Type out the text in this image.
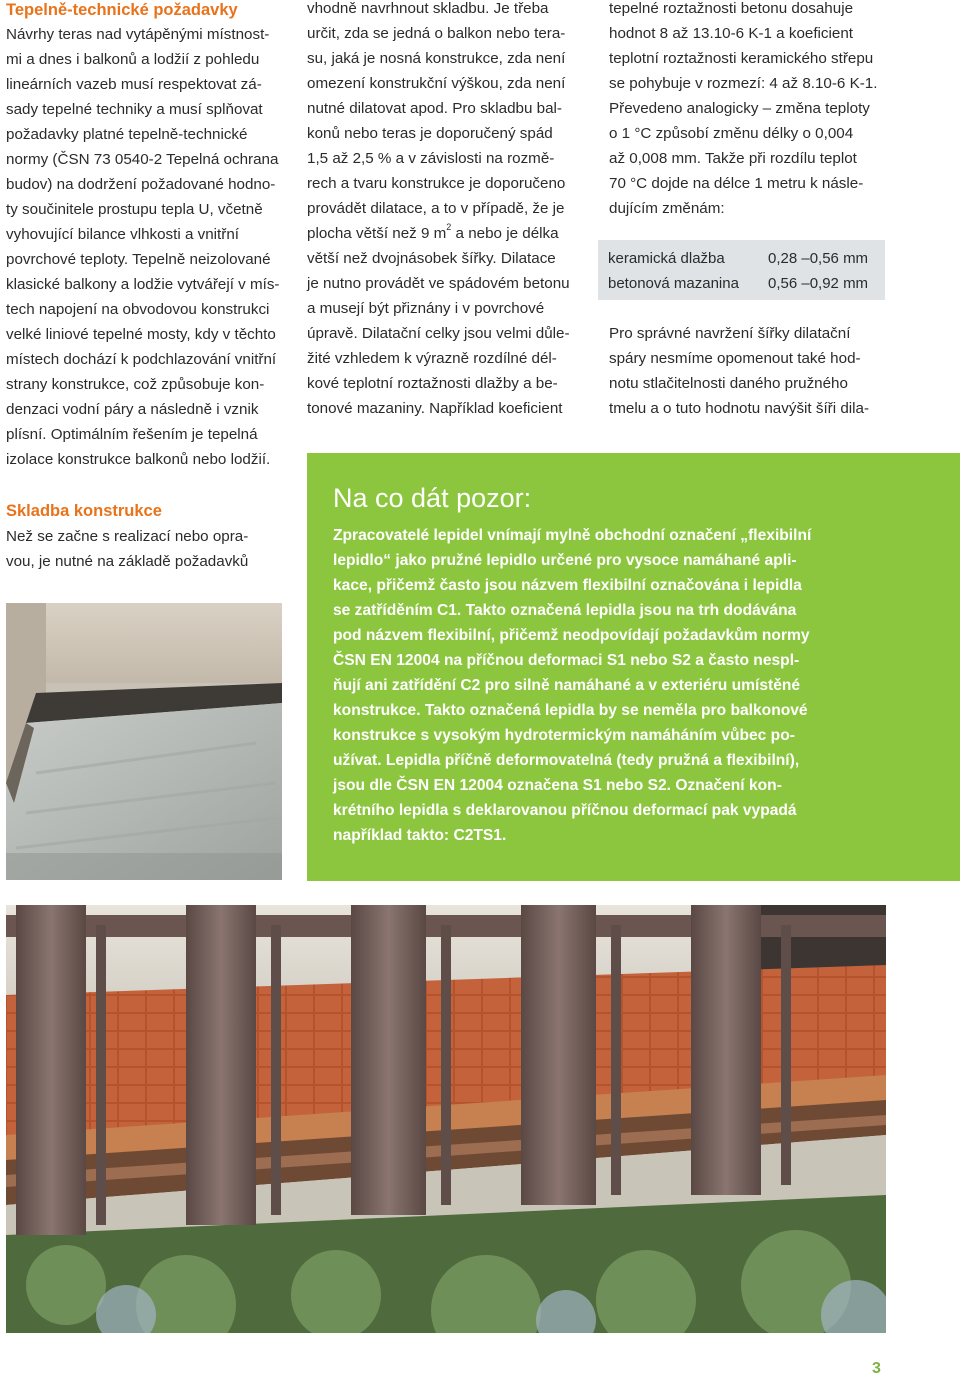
Tepelně-technické požadavky
Návrhy teras nad vytápěnými místnost-
mi a dnes i balkonů a lodžií z pohledu
lineárních vazeb musí respektovat zá-
sady tepelné techniky a musí splňovat
požadavky platné tepelně-technické
normy (ČSN 73 0540-2 Tepelná ochrana
budov) na dodržení požadované hodno-
ty součinitele prostupu tepla U, včetně
vyhovující bilance vlhkosti a vnitřní
povrchové teploty. Tepelně neizolované
klasické balkony a lodžie vytvářejí v mís-
tech napojení na obvodovou konstrukci
velké liniové tepelné mosty, kdy v těchto
místech dochází k podchlazování vnitřní
strany konstrukce, což způsobuje kon-
denzaci vodní páry a následně i vznik
plísní. Optimálním řešením je tepelná
izolace konstrukce balkonů nebo lodžií.
Skladba konstrukce
Než se začne s realizací nebo opra-
vou, je nutné na základě požadavků
vhodně navrhnout skladbu. Je třeba
určit, zda se jedná o balkon nebo tera-
su, jaká je nosná konstrukce, zda není
omezení konstrukční výškou, zda není
nutné dilatovat apod. Pro skladbu bal-
konů nebo teras je doporučený spád
1,5 až 2,5 % a v závislosti na rozmě-
rech a tvaru konstrukce je doporučeno
provádět dilatace, a to v případě, že je
plocha větší než 9 $m^2$ a nebo je délka
větší než dvojnásobek šířky. Dilatace
je nutno provádět ve spádovém betonu
a musejí být přiznány i v povrchové
úpravě. Dilatační celky jsou velmi důle-
žité vzhledem k výrazně rozdílné dél-
kové teplotní roztažnosti dlažby a be-
tonové mazaniny. Například koeficient
tepelné roztažnosti betonu dosahuje
hodnot 8 až 13.10-6 K-1 a koeficient
teplotní roztažnosti keramického střepu
se pohybuje v rozmezí: 4 až 8.10-6 K-1.
Převedeno analogicky – změna teploty
o 1 °C způsobí změnu délky o 0,004
až 0,008 mm. Takže při rozdílu teplot
70 °C dojde na délce 1 metru k násle-
dujícím změnám:
Pro správné navržení šířky dilatační
spáry nesmíme opomenout také hod-
notu stlačitelnosti daného pružného
tmelu a o tuto hodnotu navýšit šíři dila-
keramická dlažba	0,28 –0,56 mm
betonová mazanina 0,56 –0,92 mm
Na co dát pozor:
Zpracovatelé lepidel vnímají mylně obchodní označení „flexibilní
lepidlo“ jako pružné lepidlo určené pro vysoce namáhané apli-
kace, přičemž často jsou názvem flexibilní označována i lepidla
se zatříděním C1. Takto označená lepidla jsou na trh dodávána
pod názvem flexibilní, přičemž neodpovídají požadavkům normy
ČSN EN 12004 na příčnou deformaci S1 nebo S2 a často nespl-
ňují ani zatřídění C2 pro silně namáhané a v exteriéru umístěné
konstrukce. Takto označená lepidla by se neměla pro balkonové
konstrukce s vysokým hydrotermickým namáháním vůbec po-
užívat. Lepidla příčně deformovatelná (tedy pružná a flexibilní),
jsou dle ČSN EN 12004 označena S1 nebo S2. Označení kon-
krétního lepidla s deklarovanou příčnou deformací pak vypadá
například takto: C2TS1.
3
